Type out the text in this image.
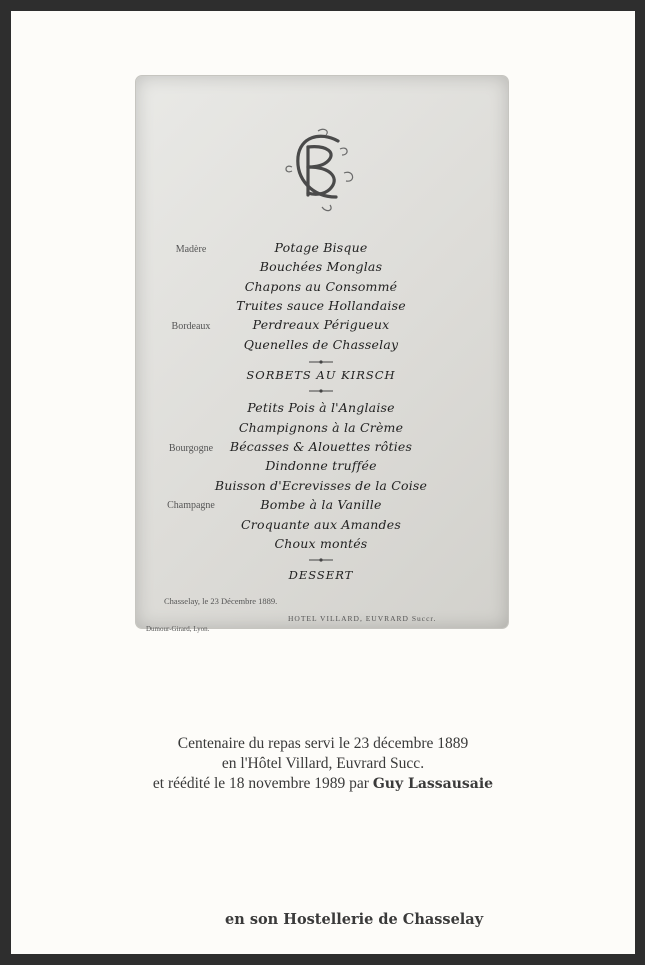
Madère
Bordeaux
Bourgogne
Champagne
Potage Bisque
Bouchées Monglas
Chapons au Consommé
Truites sauce Hollandaise
Perdreaux Périgueux
Quenelles de Chasselay
SORBETS AU KIRSCH
Petits Pois à l'Anglaise
Champignons à la Crème
Bécasses & Alouettes rôties
Dindonne truffée
Buisson d'Ecrevisses de la Coise
Bombe à la Vanille
Croquante aux Amandes
Choux montés
DESSERT
Chasselay, le 23 Décembre 1889.
HOTEL VILLARD, EUVRARD Succr.
Dumour-Girard, Lyon.
Centenaire du repas servi le 23 décembre 1889
en l'Hôtel Villard, Euvrard Succ.
et réédité le 18 novembre 1989 par Guy Lassausaie
en son Hostellerie de Chasselay
